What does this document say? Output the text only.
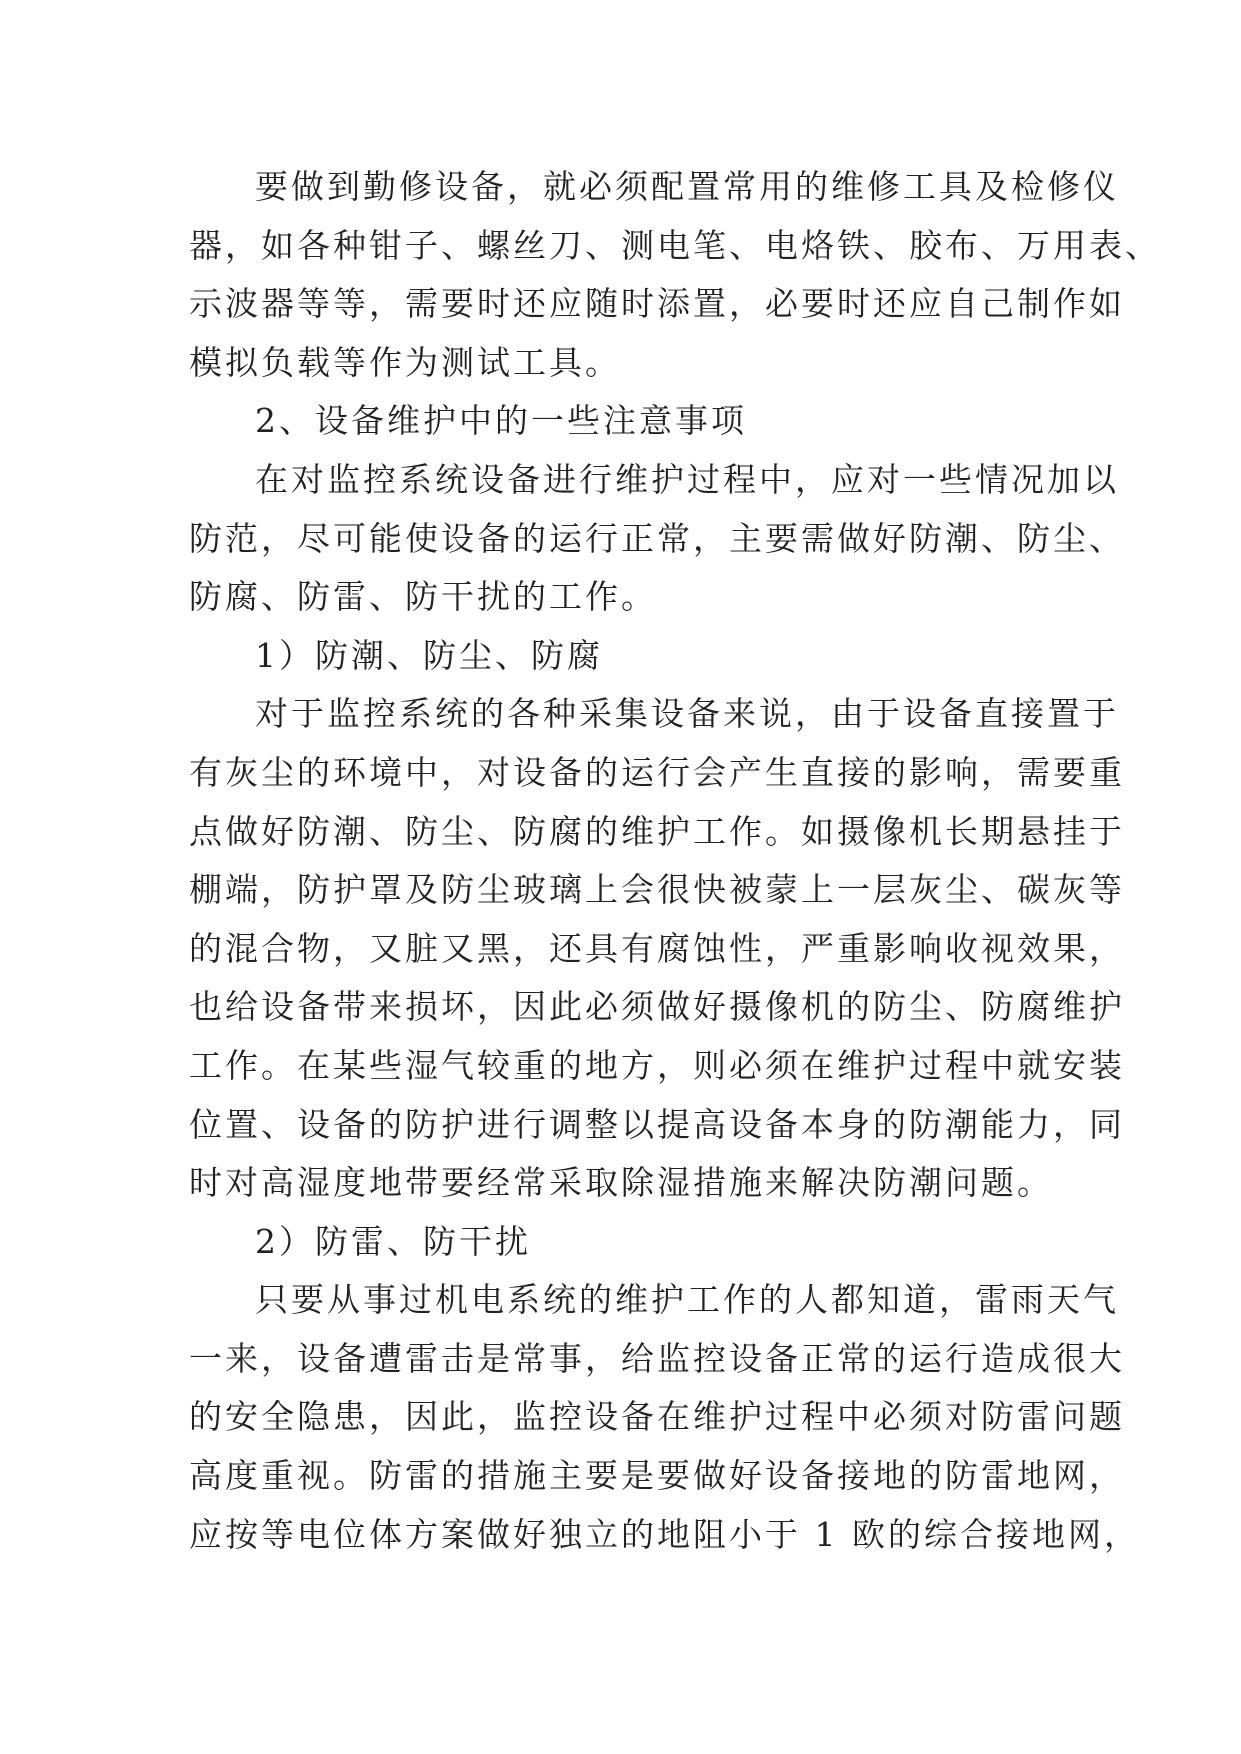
要做到勤修设备，就必须配置常用的维修工具及检修仪
器，如各种钳子、螺丝刀、测电笔、电烙铁、胶布、万用表、
示波器等等，需要时还应随时添置，必要时还应自己制作如
模拟负载等作为测试工具。
2、设备维护中的一些注意事项
在对监控系统设备进行维护过程中，应对一些情况加以
防范，尽可能使设备的运行正常，主要需做好防潮、防尘、
防腐、防雷、防干扰的工作。
1）防潮、防尘、防腐
对于监控系统的各种采集设备来说，由于设备直接置于
有灰尘的环境中，对设备的运行会产生直接的影响，需要重
点做好防潮、防尘、防腐的维护工作。如摄像机长期悬挂于
棚端，防护罩及防尘玻璃上会很快被蒙上一层灰尘、碳灰等
的混合物，又脏又黑，还具有腐蚀性，严重影响收视效果，
也给设备带来损坏，因此必须做好摄像机的防尘、防腐维护
工作。在某些湿气较重的地方，则必须在维护过程中就安装
位置、设备的防护进行调整以提高设备本身的防潮能力，同
时对高湿度地带要经常采取除湿措施来解决防潮问题。
2）防雷、防干扰
只要从事过机电系统的维护工作的人都知道，雷雨天气
一来，设备遭雷击是常事，给监控设备正常的运行造成很大
的安全隐患，因此，监控设备在维护过程中必须对防雷问题
高度重视。防雷的措施主要是要做好设备接地的防雷地网，
应按等电位体方案做好独立的地阻小于 1 欧的综合接地网，
